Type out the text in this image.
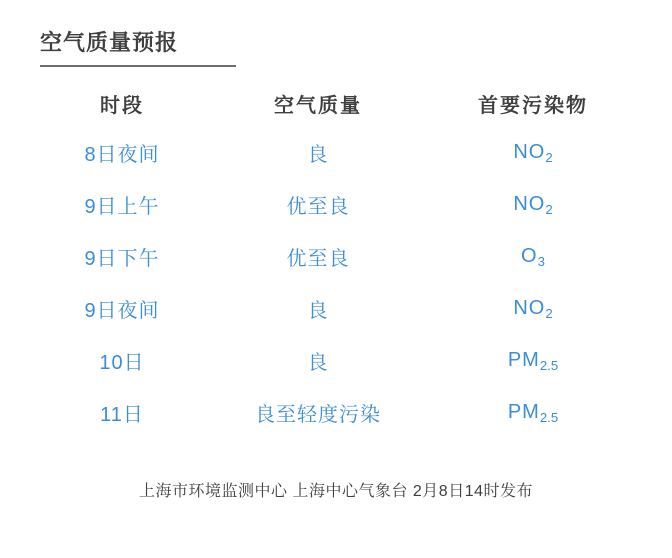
空气质量预报
时段	空气质量	首要污染物
8日夜间	良	$NO_2$
9日上午	优至良	$NO_2$
9日下午	优至良	$O_3$
9日夜间	良	$NO_2$
10日	良	$PM_{2.5}$
11日	良至轻度污染	$PM_{2.5}$
上海市环境监测中心 上海中心气象台 2月8日14时发布
